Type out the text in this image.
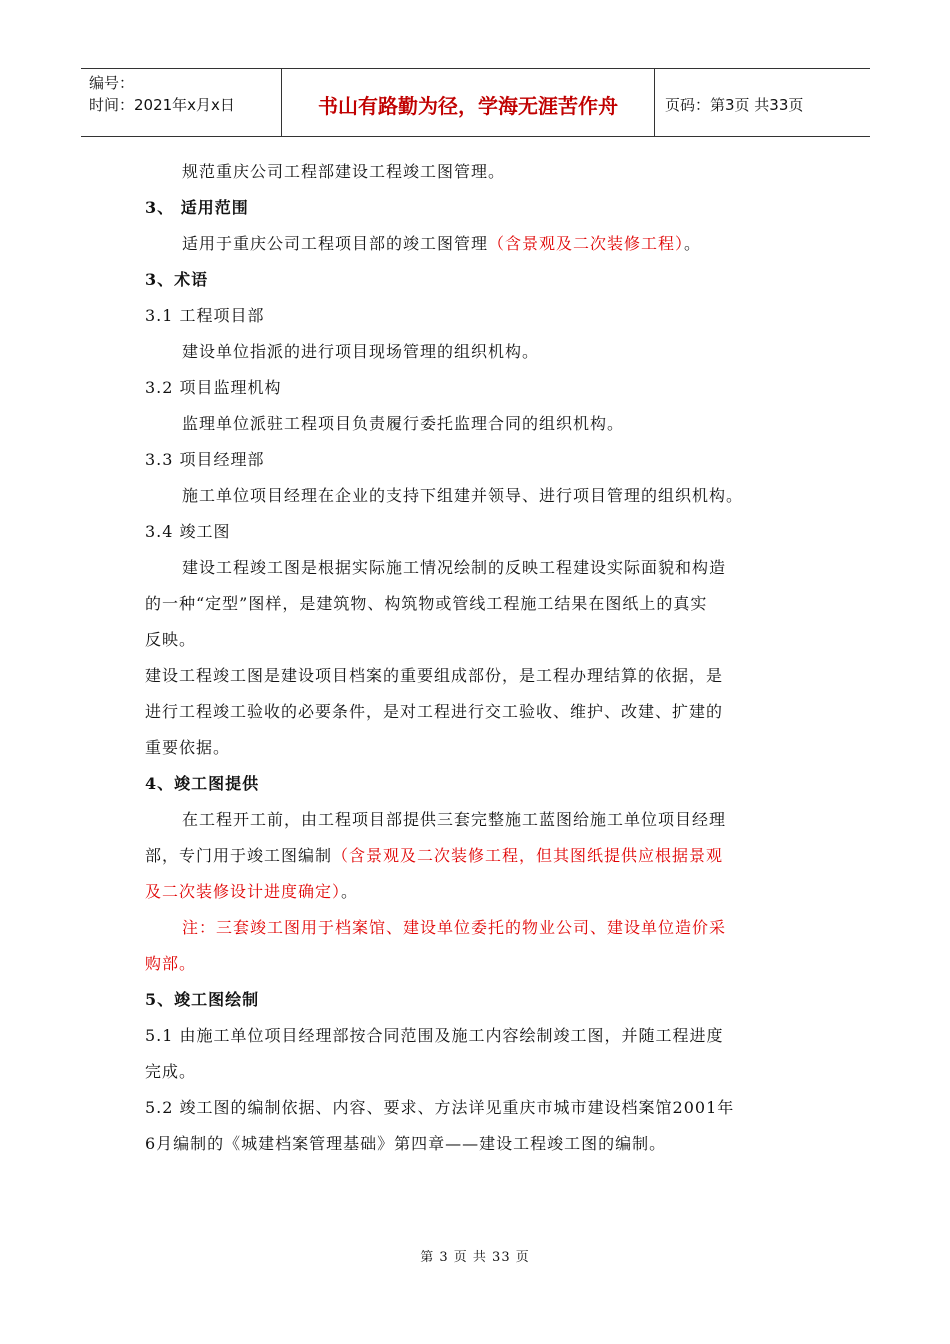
编号：
时间：2021年x月x日	书山有路勤为径，学海无涯苦作舟	页码：第3页 共33页
规范重庆公司工程部建设工程竣工图管理。
3、 适用范围
适用于重庆公司工程项目部的竣工图管理（含景观及二次装修工程）。
3、术语
3.1 工程项目部
建设单位指派的进行项目现场管理的组织机构。
3.2 项目监理机构
监理单位派驻工程项目负责履行委托监理合同的组织机构。
3.3 项目经理部
施工单位项目经理在企业的支持下组建并领导、进行项目管理的组织机构。
3.4 竣工图
建设工程竣工图是根据实际施工情况绘制的反映工程建设实际面貌和构造
的一种“定型”图样，是建筑物、构筑物或管线工程施工结果在图纸上的真实
反映。
建设工程竣工图是建设项目档案的重要组成部份，是工程办理结算的依据，是
进行工程竣工验收的必要条件，是对工程进行交工验收、维护、改建、扩建的
重要依据。
4、竣工图提供
在工程开工前，由工程项目部提供三套完整施工蓝图给施工单位项目经理
部，专门用于竣工图编制（含景观及二次装修工程，但其图纸提供应根据景观
及二次装修设计进度确定）。
注：三套竣工图用于档案馆、建设单位委托的物业公司、建设单位造价采
购部。
5、竣工图绘制
5.1 由施工单位项目经理部按合同范围及施工内容绘制竣工图，并随工程进度
完成。
5.2 竣工图的编制依据、内容、要求、方法详见重庆市城市建设档案馆2001年
6月编制的《城建档案管理基础》第四章——建设工程竣工图的编制。
第 3 页 共 33 页
